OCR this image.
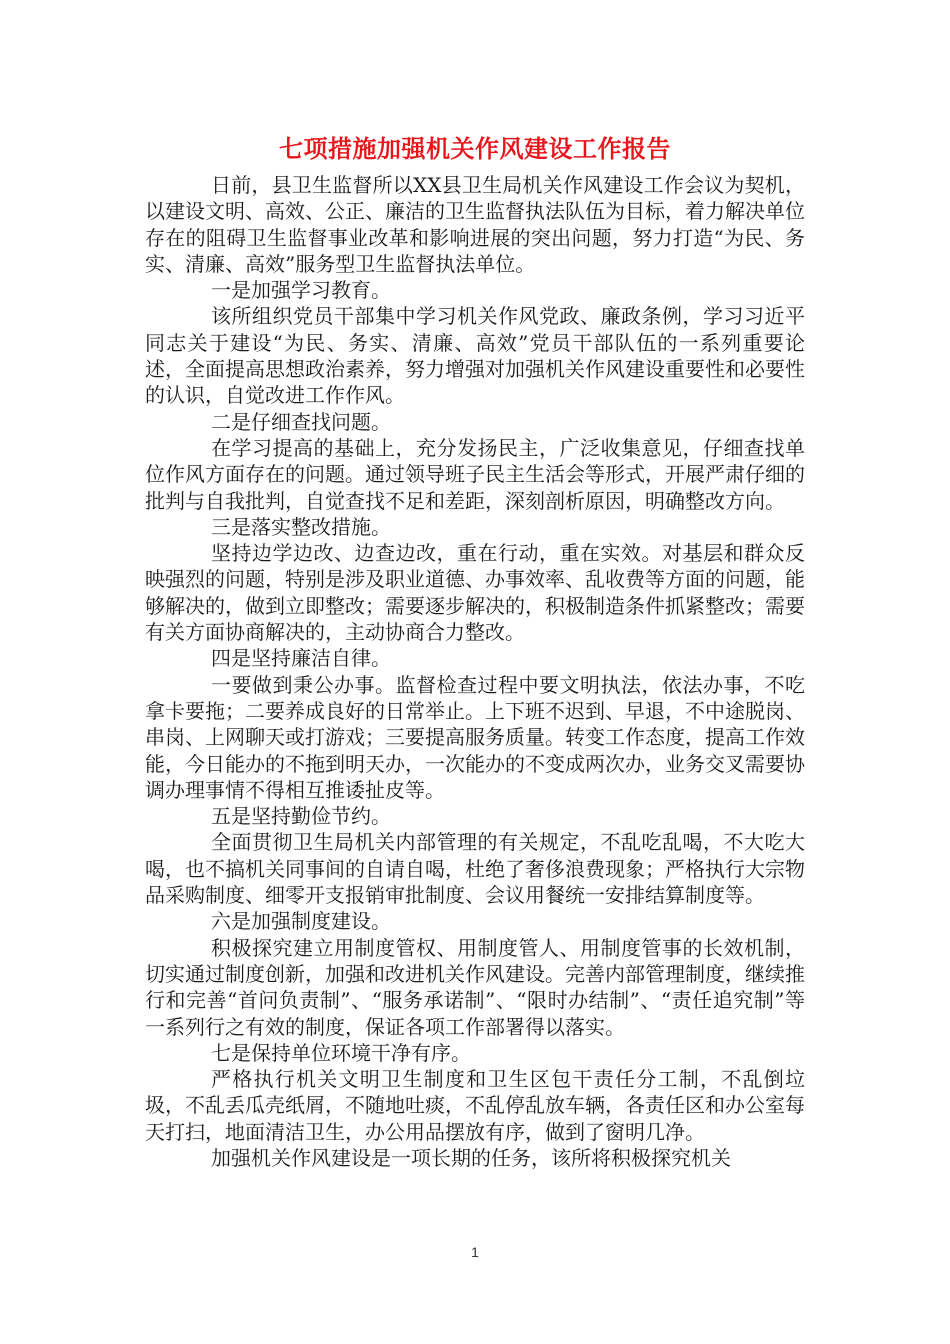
七项措施加强机关作风建设工作报告

日前，县卫生监督所以XX县卫生局机关作风建设工作会议为契机，以建设文明、高效、公正、廉洁的卫生监督执法队伍为目标，着力解决单位存在的阻碍卫生监督事业改革和影响进展的突出问题，努力打造“为民、务实、清廉、高效”服务型卫生监督执法单位。

一是加强学习教育。

该所组织党员干部集中学习机关作风党政、廉政条例，学习习近平同志关于建设“为民、务实、清廉、高效”党员干部队伍的一系列重要论述，全面提高思想政治素养，努力增强对加强机关作风建设重要性和必要性的认识，自觉改进工作作风。

二是仔细查找问题。

在学习提高的基础上，充分发扬民主，广泛收集意见，仔细查找单位作风方面存在的问题。通过领导班子民主生活会等形式，开展严肃仔细的批判与自我批判，自觉查找不足和差距，深刻剖析原因，明确整改方向。

三是落实整改措施。

坚持边学边改、边查边改，重在行动，重在实效。对基层和群众反映强烈的问题，特别是涉及职业道德、办事效率、乱收费等方面的问题，能够解决的，做到立即整改；需要逐步解决的，积极制造条件抓紧整改；需要有关方面协商解决的，主动协商合力整改。

四是坚持廉洁自律。

一要做到秉公办事。监督检查过程中要文明执法，依法办事，不吃拿卡要拖；二要养成良好的日常举止。上下班不迟到、早退，不中途脱岗、串岗、上网聊天或打游戏；三要提高服务质量。转变工作态度，提高工作效能，今日能办的不拖到明天办，一次能办的不变成两次办，业务交叉需要协调办理事情不得相互推诿扯皮等。

五是坚持勤俭节约。

全面贯彻卫生局机关内部管理的有关规定，不乱吃乱喝，不大吃大喝，也不搞机关同事间的自请自喝，杜绝了奢侈浪费现象；严格执行大宗物品采购制度、细零开支报销审批制度、会议用餐统一安排结算制度等。

六是加强制度建设。

积极探究建立用制度管权、用制度管人、用制度管事的长效机制，切实通过制度创新，加强和改进机关作风建设。完善内部管理制度，继续推行和完善“首问负责制”、“服务承诺制”、“限时办结制”、“责任追究制”等一系列行之有效的制度，保证各项工作部署得以落实。

七是保持单位环境干净有序。

严格执行机关文明卫生制度和卫生区包干责任分工制，不乱倒垃圾，不乱丢瓜壳纸屑，不随地吐痰，不乱停乱放车辆，各责任区和办公室每天打扫，地面清洁卫生，办公用品摆放有序，做到了窗明几净。

加强机关作风建设是一项长期的任务，该所将积极探究机关

1
